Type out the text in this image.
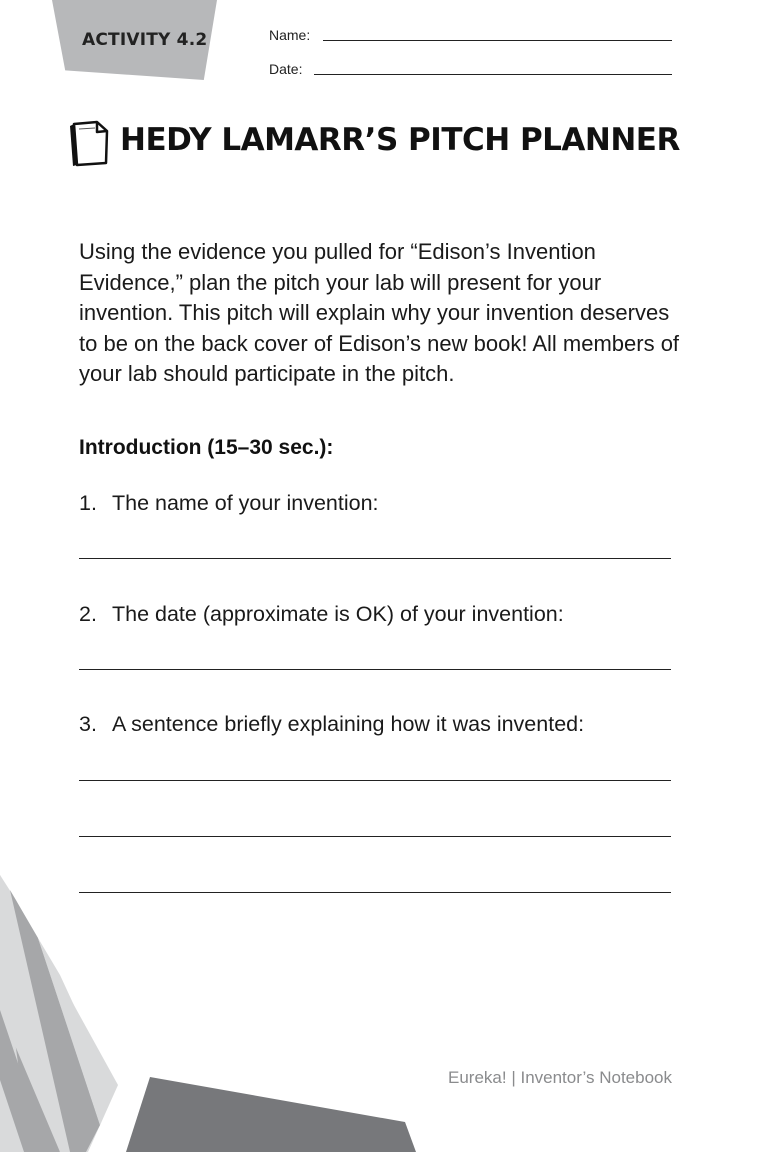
ACTIVITY 4.2	Name:
Date:
HEDY LAMARR’S PITCH PLANNER

Using the evidence you pulled for “Edison’s Invention Evidence,” plan the pitch your lab will present for your invention. This pitch will explain why your invention deserves to be on the back cover of Edison’s new book! All members of your lab should participate in the pitch.

Introduction (15–30 sec.):
1. The name of your invention:
2. The date (approximate is OK) of your invention:
3. A sentence briefly explaining how it was invented:
Eureka! | Inventor’s Notebook
